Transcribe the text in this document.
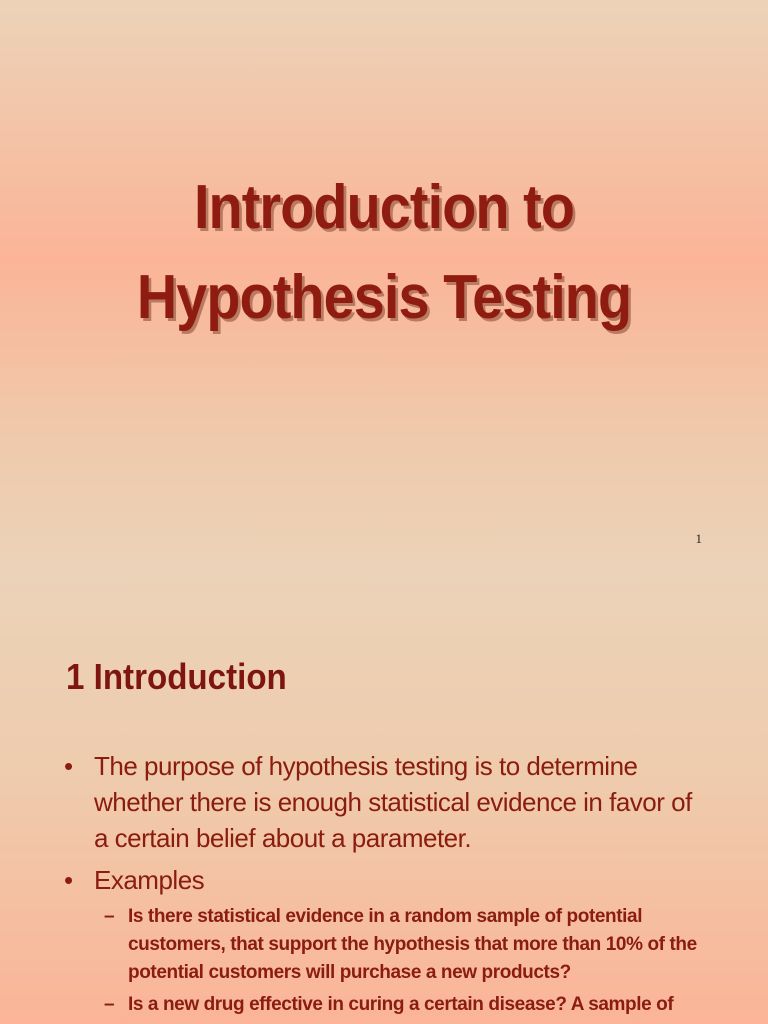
Introduction to
Hypothesis Testing
1
1 Introduction
• The purpose of hypothesis testing is to determine whether there is enough statistical evidence in favor of a certain belief about a parameter.
• Examples
– Is there statistical evidence in a random sample of potential customers, that support the hypothesis that more than 10% of the potential customers will purchase a new products?
– Is a new drug effective in curing a certain disease? A sample of
